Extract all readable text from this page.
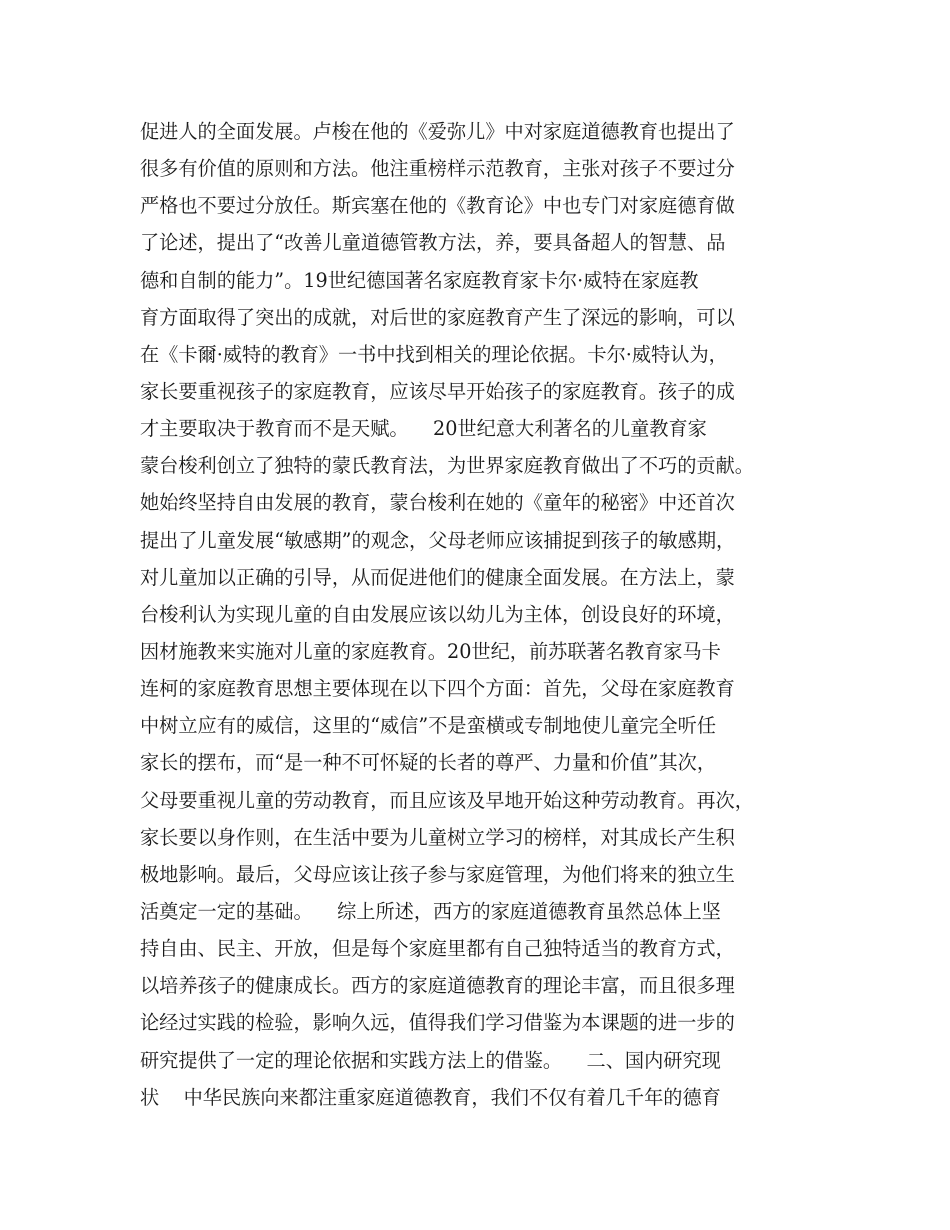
促进人的全面发展。卢梭在他的《爱弥儿》中对家庭道德教育也提出了
很多有价值的原则和方法。他注重榜样示范教育，主张对孩子不要过分
严格也不要过分放任。斯宾塞在他的《教育论》中也专门对家庭德育做
了论述，提出了“改善儿童道德管教方法，养，要具备超人的智慧、品
德和自制的能力”。19世纪德国著名家庭教育家卡尔·威特在家庭教
育方面取得了突出的成就，对后世的家庭教育产生了深远的影响，可以
在《卡爾·威特的教育》一书中找到相关的理论依据。卡尔·威特认为，
家长要重视孩子的家庭教育，应该尽早开始孩子的家庭教育。孩子的成
才主要取决于教育而不是天赋。    20世纪意大利著名的儿童教育家
蒙台梭利创立了独特的蒙氏教育法，为世界家庭教育做出了不巧的贡献。
她始终坚持自由发展的教育，蒙台梭利在她的《童年的秘密》中还首次
提出了儿童发展“敏感期”的观念，父母老师应该捕捉到孩子的敏感期，
对儿童加以正确的引导，从而促进他们的健康全面发展。在方法上，蒙
台梭利认为实现儿童的自由发展应该以幼儿为主体，创设良好的环境，
因材施教来实施对儿童的家庭教育。20世纪，前苏联著名教育家马卡
连柯的家庭教育思想主要体现在以下四个方面：首先，父母在家庭教育
中树立应有的威信，这里的“威信”不是蛮横或专制地使儿童完全听任
家长的摆布，而“是一种不可怀疑的长者的尊严、力量和价值”其次，
父母要重视儿童的劳动教育，而且应该及早地开始这种劳动教育。再次，
家长要以身作则，在生活中要为儿童树立学习的榜样，对其成长产生积
极地影响。最后，父母应该让孩子参与家庭管理，为他们将来的独立生
活奠定一定的基础。    综上所述，西方的家庭道德教育虽然总体上坚
持自由、民主、开放，但是每个家庭里都有自己独特适当的教育方式，
以培养孩子的健康成长。西方的家庭道德教育的理论丰富，而且很多理
论经过实践的检验，影响久远，值得我们学习借鉴为本课题的进一步的
研究提供了一定的理论依据和实践方法上的借鉴。    二、国内研究现
状    中华民族向来都注重家庭道德教育，我们不仅有着几千年的德育
